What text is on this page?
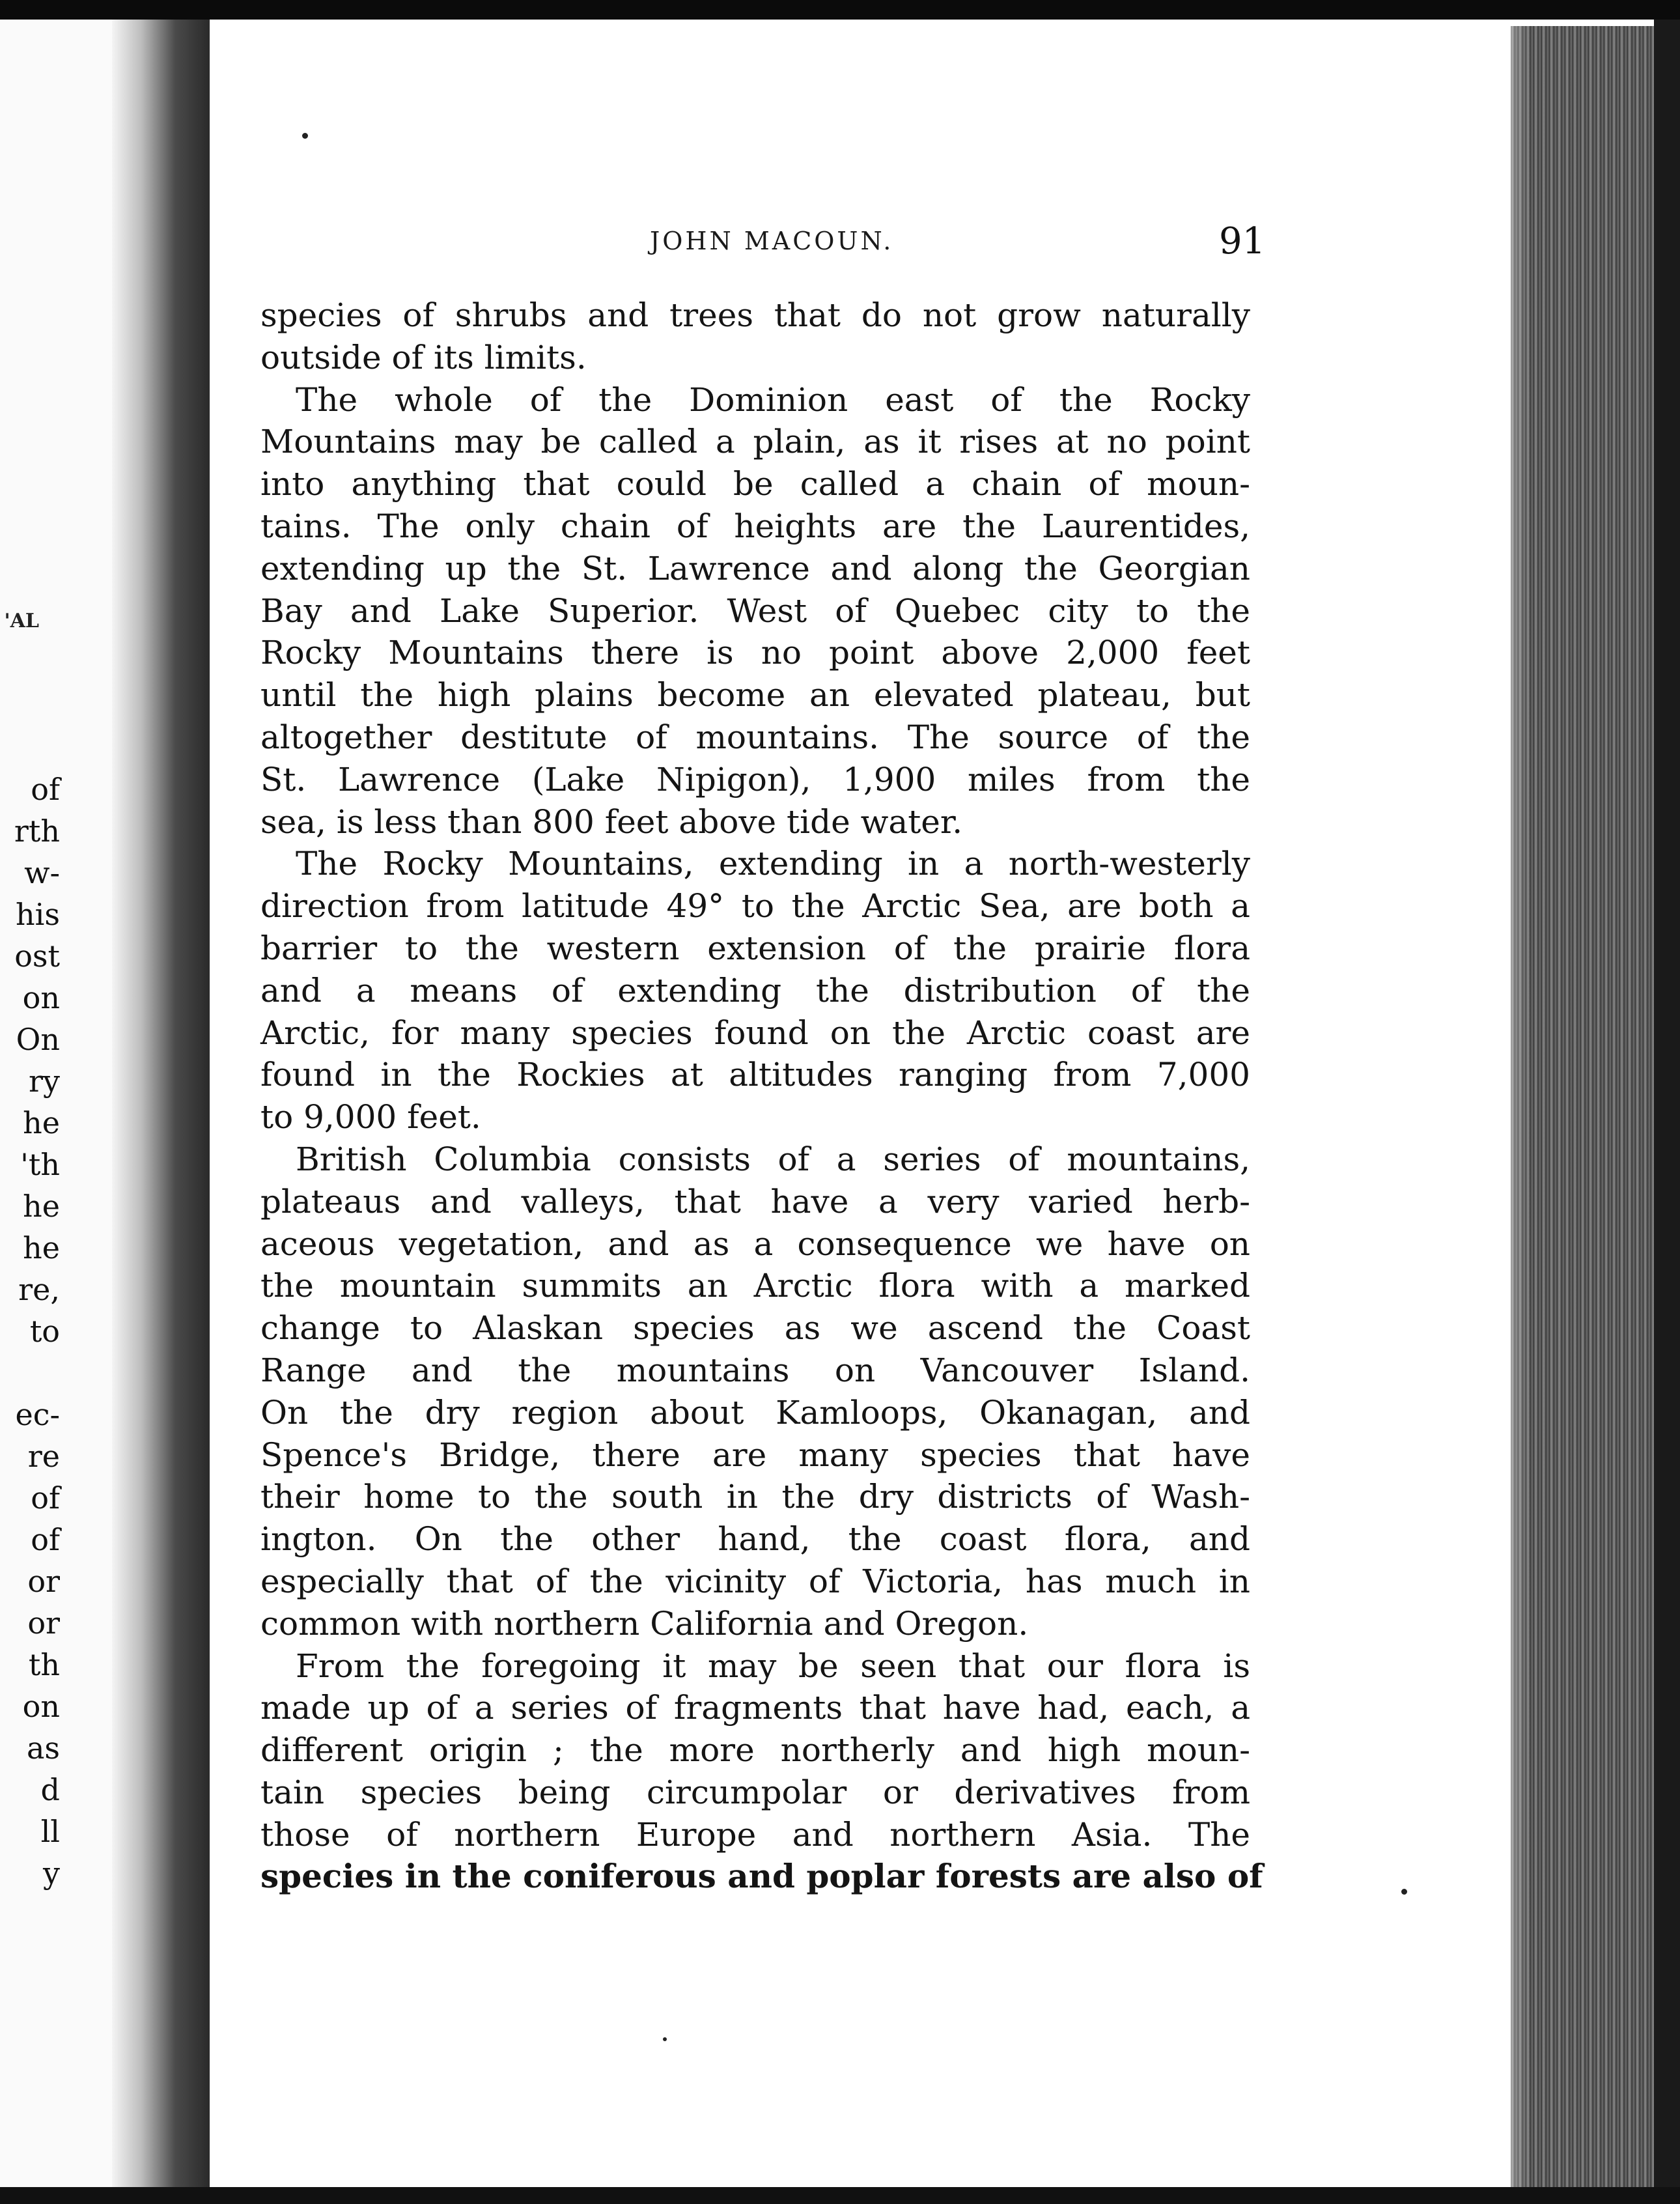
'AL
of
rth
w-
his
ost
on
On
ry
he
'th
he
he
re,
to
ec-
re
of
of
or
or
th
on
as
d
ll
y
JOHN MACOUN.	91
species of shrubs and trees that do not grow naturally
outside of its limits.
The whole of the Dominion east of the Rocky
Mountains may be called a plain, as it rises at no point
into anything that could be called a chain of moun-
tains. The only chain of heights are the Laurentides,
extending up the St. Lawrence and along the Georgian
Bay and Lake Superior. West of Quebec city to the
Rocky Mountains there is no point above 2,000 feet
until the high plains become an elevated plateau, but
altogether destitute of mountains. The source of the
St. Lawrence (Lake Nipigon), 1,900 miles from the
sea, is less than 800 feet above tide water.
The Rocky Mountains, extending in a north-westerly
direction from latitude 49° to the Arctic Sea, are both a
barrier to the western extension of the prairie flora
and a means of extending the distribution of the
Arctic, for many species found on the Arctic coast are
found in the Rockies at altitudes ranging from 7,000
to 9,000 feet.
British Columbia consists of a series of mountains,
plateaus and valleys, that have a very varied herb-
aceous vegetation, and as a consequence we have on
the mountain summits an Arctic flora with a marked
change to Alaskan species as we ascend the Coast
Range and the mountains on Vancouver Island.
On the dry region about Kamloops, Okanagan, and
Spence's Bridge, there are many species that have
their home to the south in the dry districts of Wash-
ington. On the other hand, the coast flora, and
especially that of the vicinity of Victoria, has much in
common with northern California and Oregon.
From the foregoing it may be seen that our flora is
made up of a series of fragments that have had, each, a
different origin ; the more northerly and high moun-
tain species being circumpolar or derivatives from
those of northern Europe and northern Asia. The
species in the coniferous and poplar forests are also of
